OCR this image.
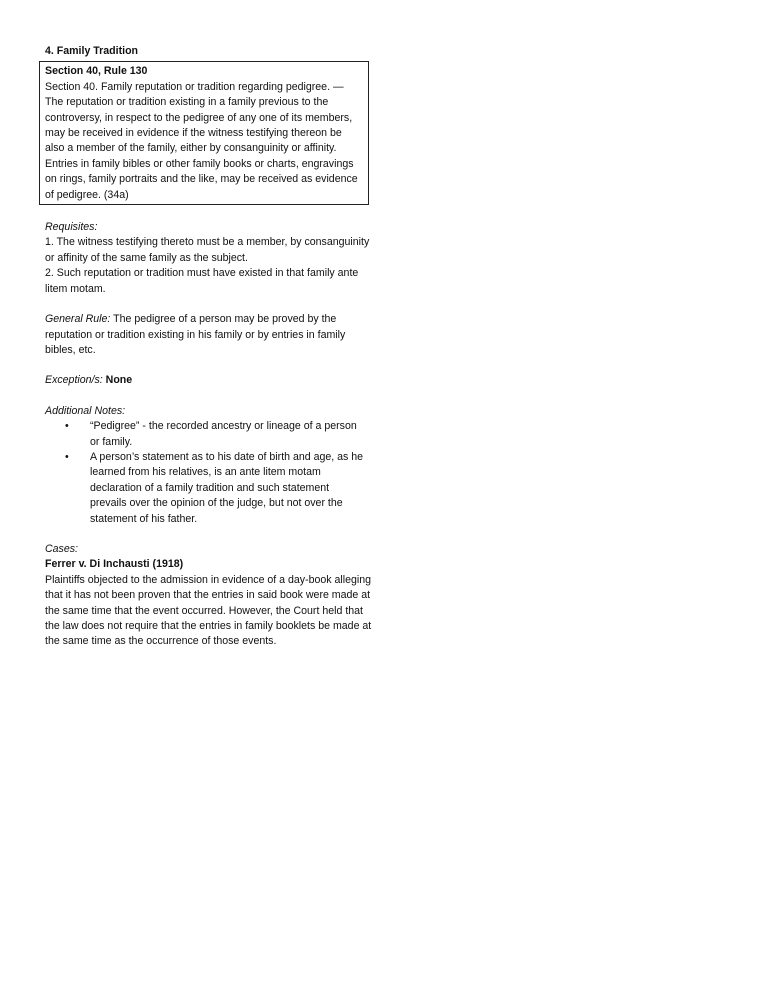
4. Family Tradition

Section 40, Rule 130

Section 40. Family reputation or tradition regarding pedigree. — The reputation or tradition existing in a family previous to the controversy, in respect to the pedigree of any one of its members, may be received in evidence if the witness testifying thereon be also a member of the family, either by consanguinity or affinity. Entries in family bibles or other family books or charts, engravings on rings, family portraits and the like, may be received as evidence of pedigree. (34a)

Requisites:

1. The witness testifying thereto must be a member, by consanguinity or affinity of the same family as the subject.

2. Such reputation or tradition must have existed in that family ante litem motam.

General Rule: The pedigree of a person may be proved by the reputation or tradition existing in his family or by entries in family bibles, etc.

Exception/s: None

Additional Notes:

• “Pedigree” - the recorded ancestry or lineage of a person or family.
• A person’s statement as to his date of birth and age, as he learned from his relatives, is an ante litem motam declaration of a family tradition and such statement prevails over the opinion of the judge, but not over the statement of his father.

Cases:

Ferrer v. Di Inchausti (1918)

Plaintiffs objected to the admission in evidence of a day-book alleging that it has not been proven that the entries in said book were made at the same time that the event occurred. However, the Court held that the law does not require that the entries in family booklets be made at the same time as the occurrence of those events.
